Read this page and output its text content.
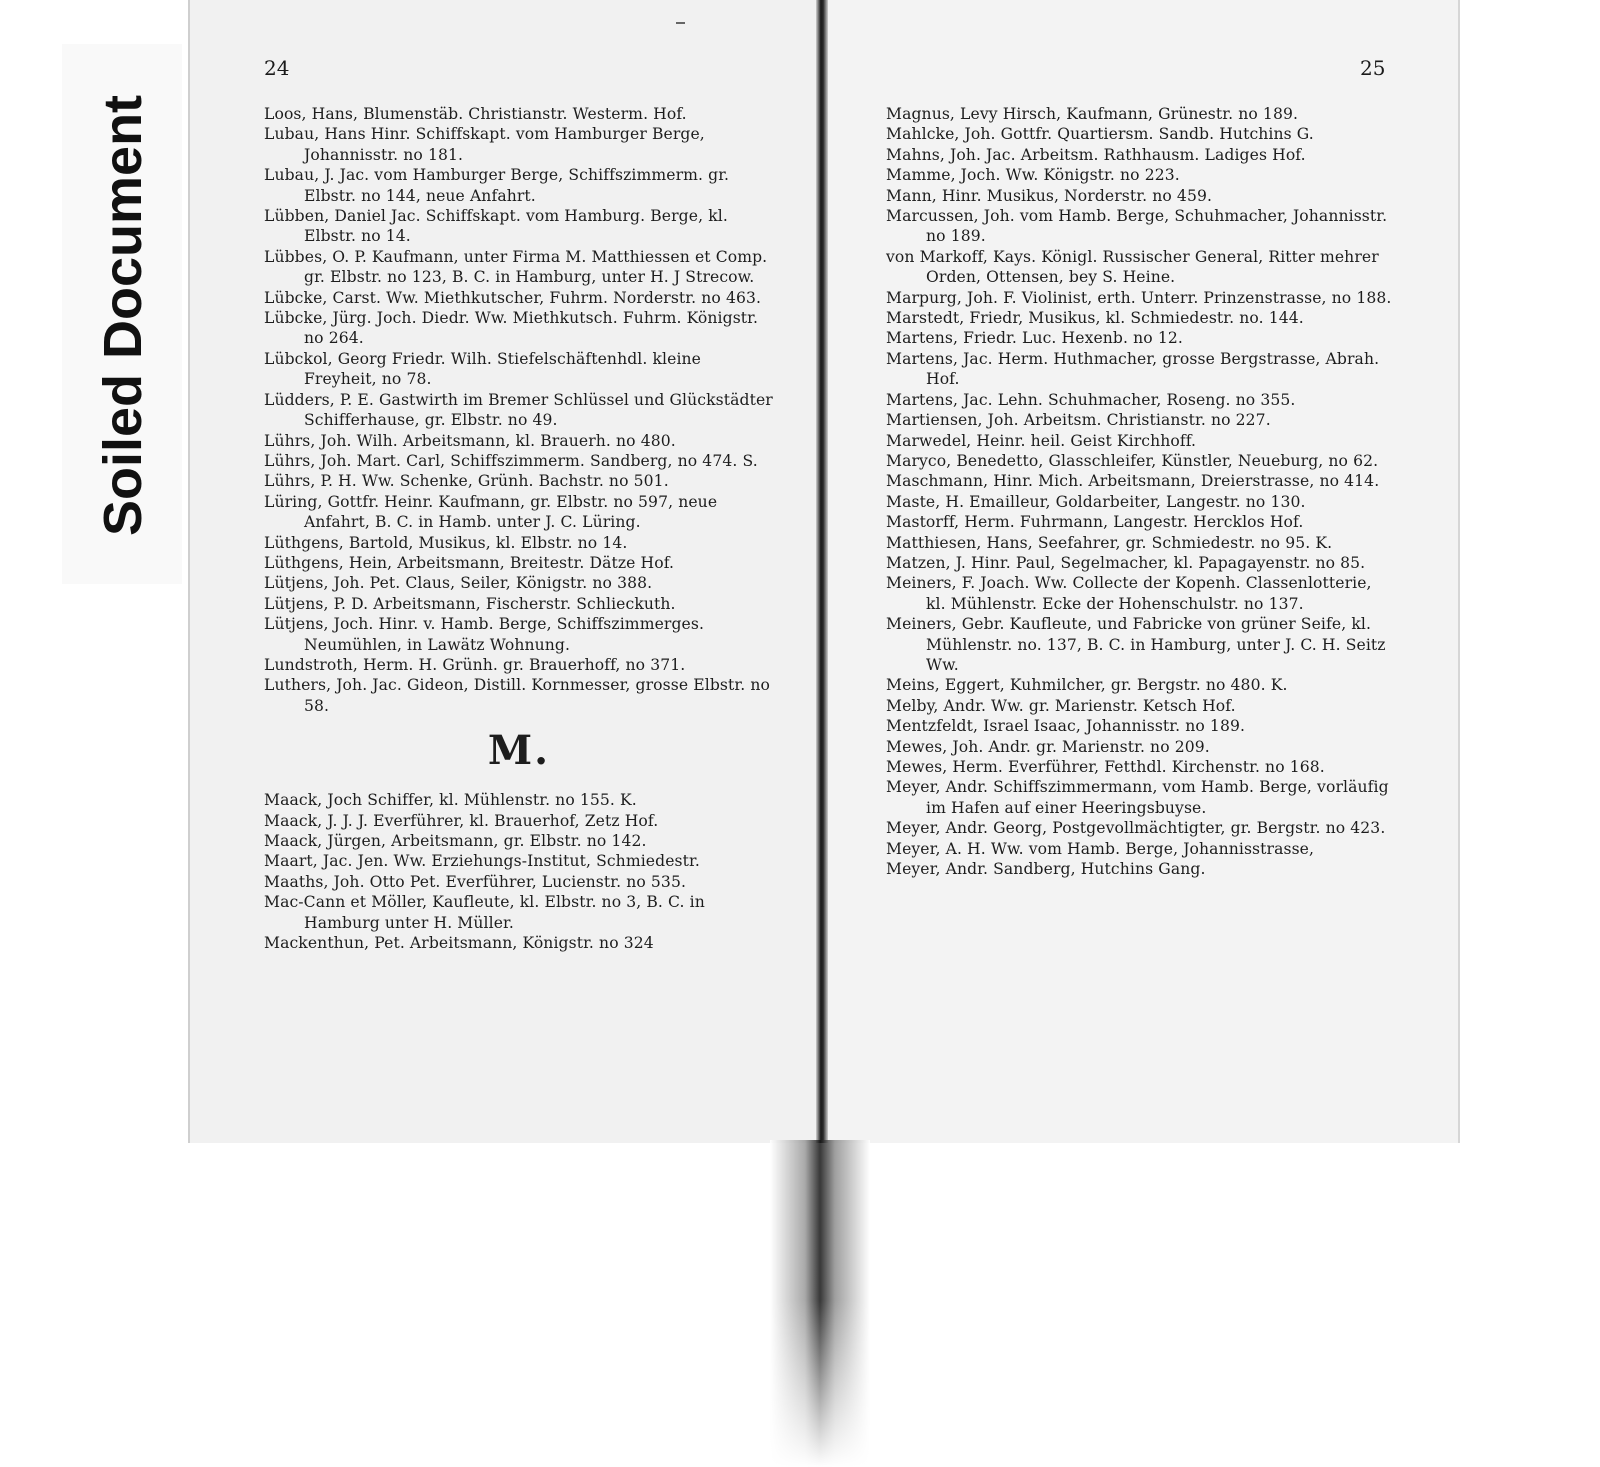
Soiled Document
24	25

Loos, Hans, Blumenstäb. Christianstr. Westerm. Hof.

Lubau, Hans Hinr. Schiffskapt. vom Hamburger Berge, Johannisstr. no 181.

Lubau, J. Jac. vom Hamburger Berge, Schiffszimmerm. gr. Elbstr. no 144, neue Anfahrt.

Lübben, Daniel Jac. Schiffskapt. vom Hamburg. Berge, kl. Elbstr. no 14.

Lübbes, O. P. Kaufmann, unter Firma M. Matthiessen et Comp. gr. Elbstr. no 123, B. C. in Hamburg, unter H. J Strecow.

Lübcke, Carst. Ww. Miethkutscher, Fuhrm. Norderstr. no 463.

Lübcke, Jürg. Joch. Diedr. Ww. Miethkutsch. Fuhrm. Königstr. no 264.

Lübckol, Georg Friedr. Wilh. Stiefelschäftenhdl. kleine Freyheit, no 78.

Lüdders, P. E. Gastwirth im Bremer Schlüssel und Glückstädter Schifferhause, gr. Elbstr. no 49.

Lührs, Joh. Wilh. Arbeitsmann, kl. Brauerh. no 480.

Lührs, Joh. Mart. Carl, Schiffszimmerm. Sandberg, no 474. S.

Lührs, P. H. Ww. Schenke, Grünh. Bachstr. no 501.

Lüring, Gottfr. Heinr. Kaufmann, gr. Elbstr. no 597, neue Anfahrt, B. C. in Hamb. unter J. C. Lüring.

Lüthgens, Bartold, Musikus, kl. Elbstr. no 14.

Lüthgens, Hein, Arbeitsmann, Breitestr. Dätze Hof.

Lütjens, Joh. Pet. Claus, Seiler, Königstr. no 388.

Lütjens, P. D. Arbeitsmann, Fischerstr. Schlieckuth.

Lütjens, Joch. Hinr. v. Hamb. Berge, Schiffszimmerges. Neumühlen, in Lawätz Wohnung.

Lundstroth, Herm. H. Grünh. gr. Brauerhoff, no 371.

Luthers, Joh. Jac. Gideon, Distill. Kornmesser, grosse Elbstr. no 58.

M.

Maack, Joch Schiffer, kl. Mühlenstr. no 155. K.

Maack, J. J. J. Everführer, kl. Brauerhof, Zetz Hof.

Maack, Jürgen, Arbeitsmann, gr. Elbstr. no 142.

Maart, Jac. Jen. Ww. Erziehungs-Institut, Schmiedestr.

Maaths, Joh. Otto Pet. Everführer, Lucienstr. no 535.

Mac-Cann et Möller, Kaufleute, kl. Elbstr. no 3, B. C. in Hamburg unter H. Müller.

Mackenthun, Pet. Arbeitsmann, Königstr. no 324

Magnus, Levy Hirsch, Kaufmann, Grünestr. no 189.

Mahlcke, Joh. Gottfr. Quartiersm. Sandb. Hutchins G.

Mahns, Joh. Jac. Arbeitsm. Rathhausm. Ladiges Hof.

Mamme, Joch. Ww. Königstr. no 223.

Mann, Hinr. Musikus, Norderstr. no 459.

Marcussen, Joh. vom Hamb. Berge, Schuhmacher, Johannisstr. no 189.

von Markoff, Kays. Königl. Russischer General, Ritter mehrer Orden, Ottensen, bey S. Heine.

Marpurg, Joh. F. Violinist, erth. Unterr. Prinzenstrasse, no 188.

Marstedt, Friedr, Musikus, kl. Schmiedestr. no. 144.

Martens, Friedr. Luc. Hexenb. no 12.

Martens, Jac. Herm. Huthmacher, grosse Bergstrasse, Abrah. Hof.

Martens, Jac. Lehn. Schuhmacher, Roseng. no 355.

Martiensen, Joh. Arbeitsm. Christianstr. no 227.

Marwedel, Heinr. heil. Geist Kirchhoff.

Maryco, Benedetto, Glasschleifer, Künstler, Neueburg, no 62.

Maschmann, Hinr. Mich. Arbeitsmann, Dreierstrasse, no 414.

Maste, H. Emailleur, Goldarbeiter, Langestr. no 130.

Mastorff, Herm. Fuhrmann, Langestr. Hercklos Hof.

Matthiesen, Hans, Seefahrer, gr. Schmiedestr. no 95. K.

Matzen, J. Hinr. Paul, Segelmacher, kl. Papagayenstr. no 85.

Meiners, F. Joach. Ww. Collecte der Kopenh. Classenlotterie, kl. Mühlenstr. Ecke der Hohenschulstr. no 137.

Meiners, Gebr. Kaufleute, und Fabricke von grüner Seife, kl. Mühlenstr. no. 137, B. C. in Hamburg, unter J. C. H. Seitz Ww.

Meins, Eggert, Kuhmilcher, gr. Bergstr. no 480. K.

Melby, Andr. Ww. gr. Marienstr. Ketsch Hof.

Mentzfeldt, Israel Isaac, Johannisstr. no 189.

Mewes, Joh. Andr. gr. Marienstr. no 209.

Mewes, Herm. Everführer, Fetthdl. Kirchenstr. no 168.

Meyer, Andr. Schiffszimmermann, vom Hamb. Berge, vorläufig im Hafen auf einer Heeringsbuyse.

Meyer, Andr. Georg, Postgevollmächtigter, gr. Bergstr. no 423.

Meyer, A. H. Ww. vom Hamb. Berge, Johannisstrasse,

Meyer, Andr. Sandberg, Hutchins Gang.
